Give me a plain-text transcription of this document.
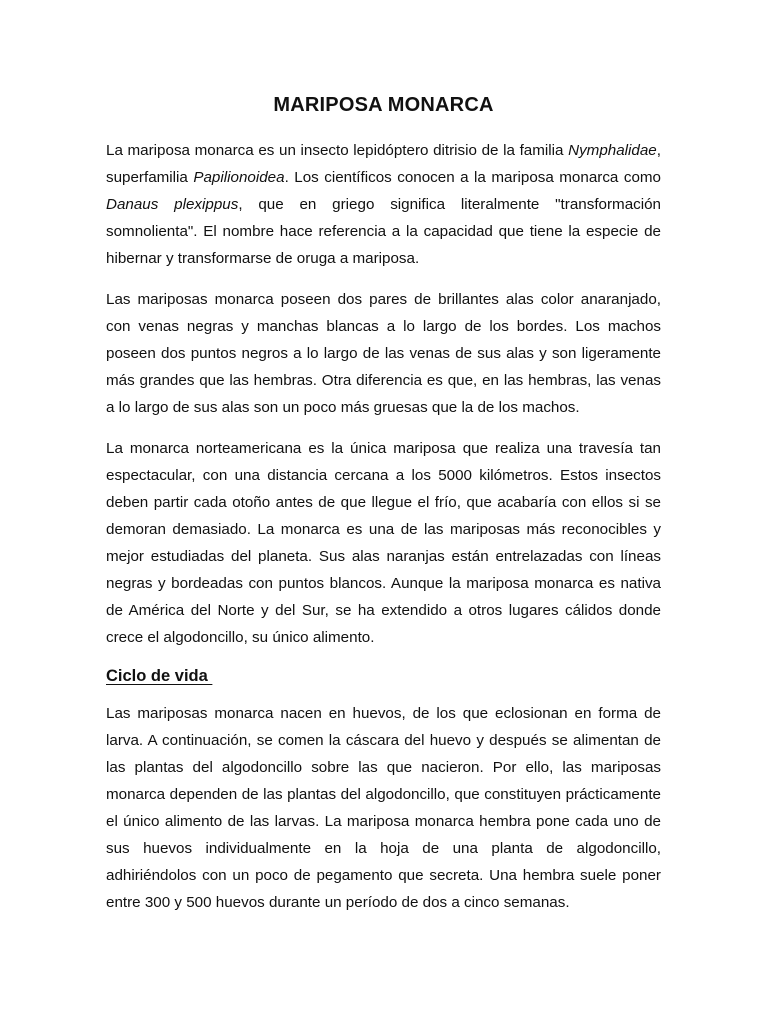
MARIPOSA MONARCA

La mariposa monarca es un insecto lepidóptero ditrisio de la familia Nymphalidae, superfamilia Papilionoidea. Los científicos conocen a la mariposa monarca como Danaus plexippus, que en griego significa literalmente "transformación somnolienta". El nombre hace referencia a la capacidad que tiene la especie de hibernar y transformarse de oruga a mariposa.

Las mariposas monarca poseen dos pares de brillantes alas color anaranjado, con venas negras y manchas blancas a lo largo de los bordes. Los machos poseen dos puntos negros a lo largo de las venas de sus alas y son ligeramente más grandes que las hembras. Otra diferencia es que, en las hembras, las venas a lo largo de sus alas son un poco más gruesas que la de los machos.

La monarca norteamericana es la única mariposa que realiza una travesía tan espectacular, con una distancia cercana a los 5000 kilómetros. Estos insectos deben partir cada otoño antes de que llegue el frío, que acabaría con ellos si se demoran demasiado. La monarca es una de las mariposas más reconocibles y mejor estudiadas del planeta. Sus alas naranjas están entrelazadas con líneas negras y bordeadas con puntos blancos. Aunque la mariposa monarca es nativa de América del Norte y del Sur, se ha extendido a otros lugares cálidos donde crece el algodoncillo, su único alimento.

Ciclo de vida

Las mariposas monarca nacen en huevos, de los que eclosionan en forma de larva. A continuación, se comen la cáscara del huevo y después se alimentan de las plantas del algodoncillo sobre las que nacieron. Por ello, las mariposas monarca dependen de las plantas del algodoncillo, que constituyen prácticamente el único alimento de las larvas. La mariposa monarca hembra pone cada uno de sus huevos individualmente en la hoja de una planta de algodoncillo, adhiriéndolos con un poco de pegamento que secreta. Una hembra suele poner entre 300 y 500 huevos durante un período de dos a cinco semanas.
